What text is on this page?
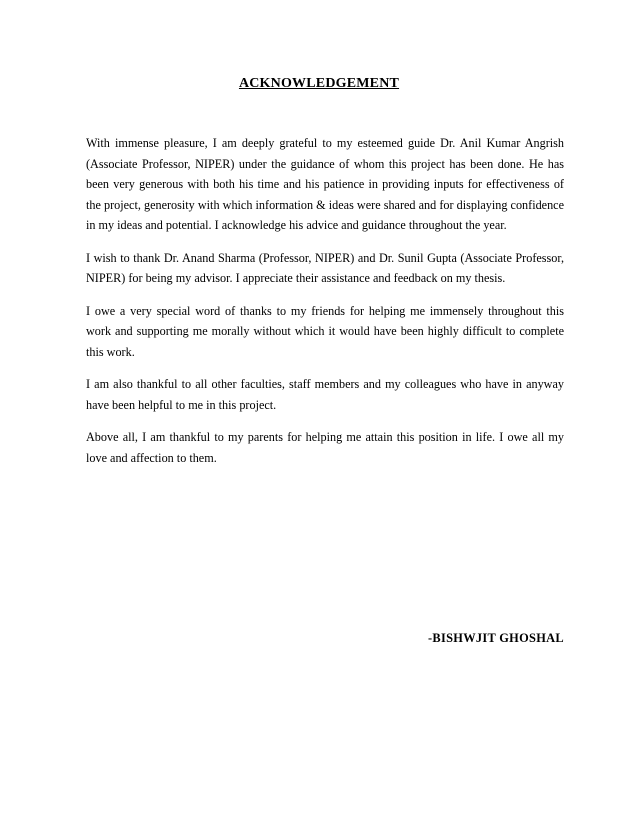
ACKNOWLEDGEMENT

With immense pleasure, I am deeply grateful to my esteemed guide Dr. Anil Kumar Angrish (Associate Professor, NIPER) under the guidance of whom this project has been done. He has been very generous with both his time and his patience in providing inputs for effectiveness of the project, generosity with which information & ideas were shared and for displaying confidence in my ideas and potential. I acknowledge his advice and guidance throughout the year.

I wish to thank Dr. Anand Sharma (Professor, NIPER) and Dr. Sunil Gupta (Associate Professor, NIPER) for being my advisor. I appreciate their assistance and feedback on my thesis.

I owe a very special word of thanks to my friends for helping me immensely throughout this work and supporting me morally without which it would have been highly difficult to complete this work.

I am also thankful to all other faculties, staff members and my colleagues who have in anyway have been helpful to me in this project.

Above all, I am thankful to my parents for helping me attain this position in life. I owe all my love and affection to them.

-BISHWJIT GHOSHAL
